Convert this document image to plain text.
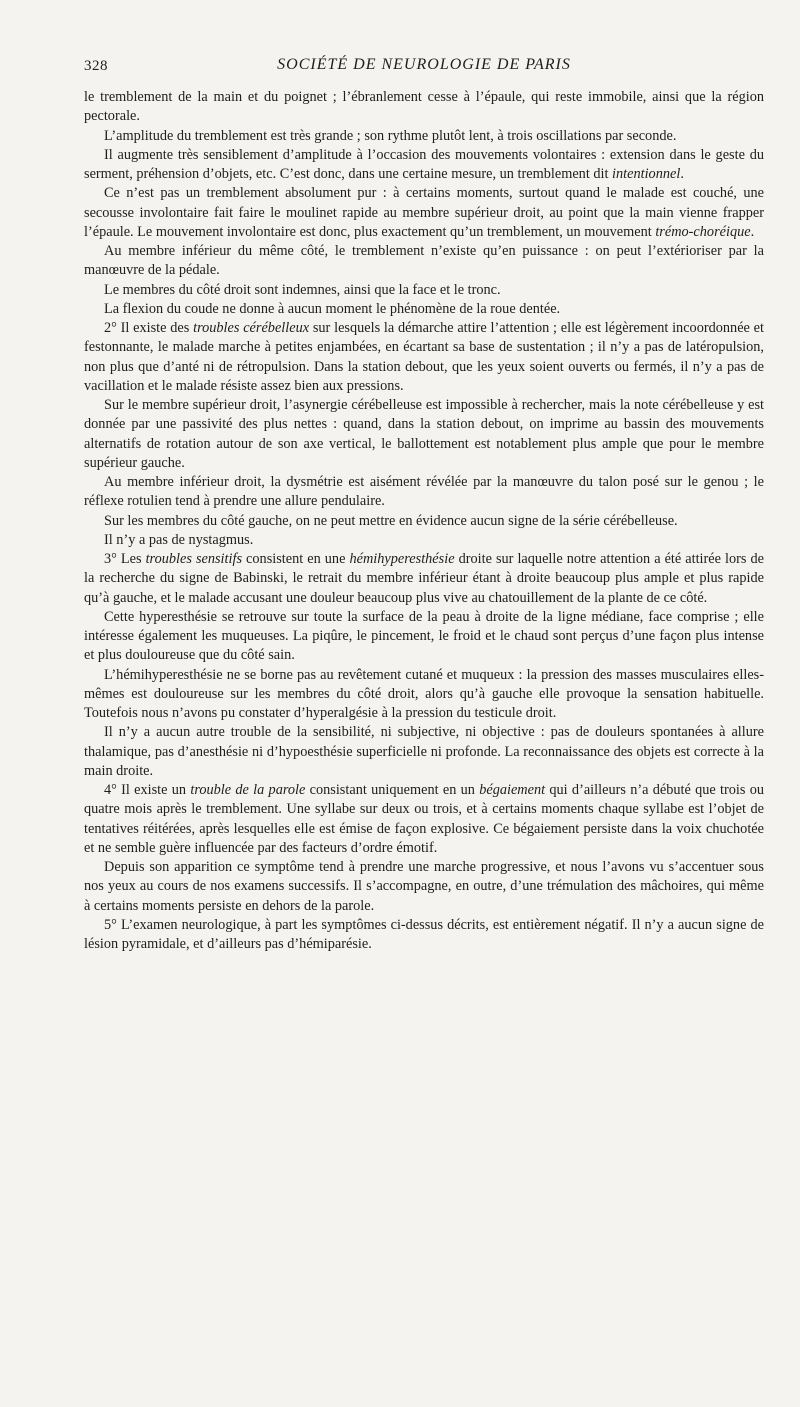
328	SOCIÉTÉ DE NEUROLOGIE DE PARIS

le tremblement de la main et du poignet ; l’ébranlement cesse à l’épaule, qui reste immobile, ainsi que la région pectorale.

L’amplitude du tremblement est très grande ; son rythme plutôt lent, à trois oscillations par seconde.

Il augmente très sensiblement d’amplitude à l’occasion des mouvements volontaires : extension dans le geste du serment, préhension d’objets, etc. C’est donc, dans une certaine mesure, un tremblement dit intentionnel.

Ce n’est pas un tremblement absolument pur : à certains moments, surtout quand le malade est couché, une secousse involontaire fait faire le moulinet rapide au membre supérieur droit, au point que la main vienne frapper l’épaule. Le mouvement involontaire est donc, plus exactement qu’un tremblement, un mouvement trémo-choréique.

Au membre inférieur du même côté, le tremblement n’existe qu’en puissance : on peut l’extérioriser par la manœuvre de la pédale.

Le membres du côté droit sont indemnes, ainsi que la face et le tronc.

La flexion du coude ne donne à aucun moment le phénomène de la roue dentée.

2° Il existe des troubles cérébelleux sur lesquels la démarche attire l’attention ; elle est légèrement incoordonnée et festonnante, le malade marche à petites enjambées, en écartant sa base de sustentation ; il n’y a pas de latéropulsion, non plus que d’anté ni de rétropulsion. Dans la station debout, que les yeux soient ouverts ou fermés, il n’y a pas de vacillation et le malade résiste assez bien aux pressions.

Sur le membre supérieur droit, l’asynergie cérébelleuse est impossible à rechercher, mais la note cérébelleuse y est donnée par une passivité des plus nettes : quand, dans la station debout, on imprime au bassin des mouvements alternatifs de rotation autour de son axe vertical, le ballottement est notablement plus ample que pour le membre supérieur gauche.

Au membre inférieur droit, la dysmétrie est aisément révélée par la manœuvre du talon posé sur le genou ; le réflexe rotulien tend à prendre une allure pendulaire.

Sur les membres du côté gauche, on ne peut mettre en évidence aucun signe de la série cérébelleuse.

Il n’y a pas de nystagmus.

3° Les troubles sensitifs consistent en une hémihyperesthésie droite sur laquelle notre attention a été attirée lors de la recherche du signe de Babinski, le retrait du membre inférieur étant à droite beaucoup plus ample et plus rapide qu’à gauche, et le malade accusant une douleur beaucoup plus vive au chatouillement de la plante de ce côté.

Cette hyperesthésie se retrouve sur toute la surface de la peau à droite de la ligne médiane, face comprise ; elle intéresse également les muqueuses. La piqûre, le pincement, le froid et le chaud sont perçus d’une façon plus intense et plus douloureuse que du côté sain.

L’hémihyperesthésie ne se borne pas au revêtement cutané et muqueux : la pression des masses musculaires elles-mêmes est douloureuse sur les membres du côté droit, alors qu’à gauche elle provoque la sensation habituelle. Toutefois nous n’avons pu constater d’hyperalgésie à la pression du testicule droit.

Il n’y a aucun autre trouble de la sensibilité, ni subjective, ni objective : pas de douleurs spontanées à allure thalamique, pas d’anesthésie ni d’hypoesthésie superficielle ni profonde. La reconnaissance des objets est correcte à la main droite.

4° Il existe un trouble de la parole consistant uniquement en un bégaiement qui d’ailleurs n’a débuté que trois ou quatre mois après le tremblement. Une syllabe sur deux ou trois, et à certains moments chaque syllabe est l’objet de tentatives réitérées, après lesquelles elle est émise de façon explosive. Ce bégaiement persiste dans la voix chuchotée et ne semble guère influencée par des facteurs d’ordre émotif.

Depuis son apparition ce symptôme tend à prendre une marche progressive, et nous l’avons vu s’accentuer sous nos yeux au cours de nos examens successifs. Il s’accompagne, en outre, d’une trémulation des mâchoires, qui même à certains moments persiste en dehors de la parole.

5° L’examen neurologique, à part les symptômes ci-dessus décrits, est entièrement négatif. Il n’y a aucun signe de lésion pyramidale, et d’ailleurs pas d’hémiparésie.
